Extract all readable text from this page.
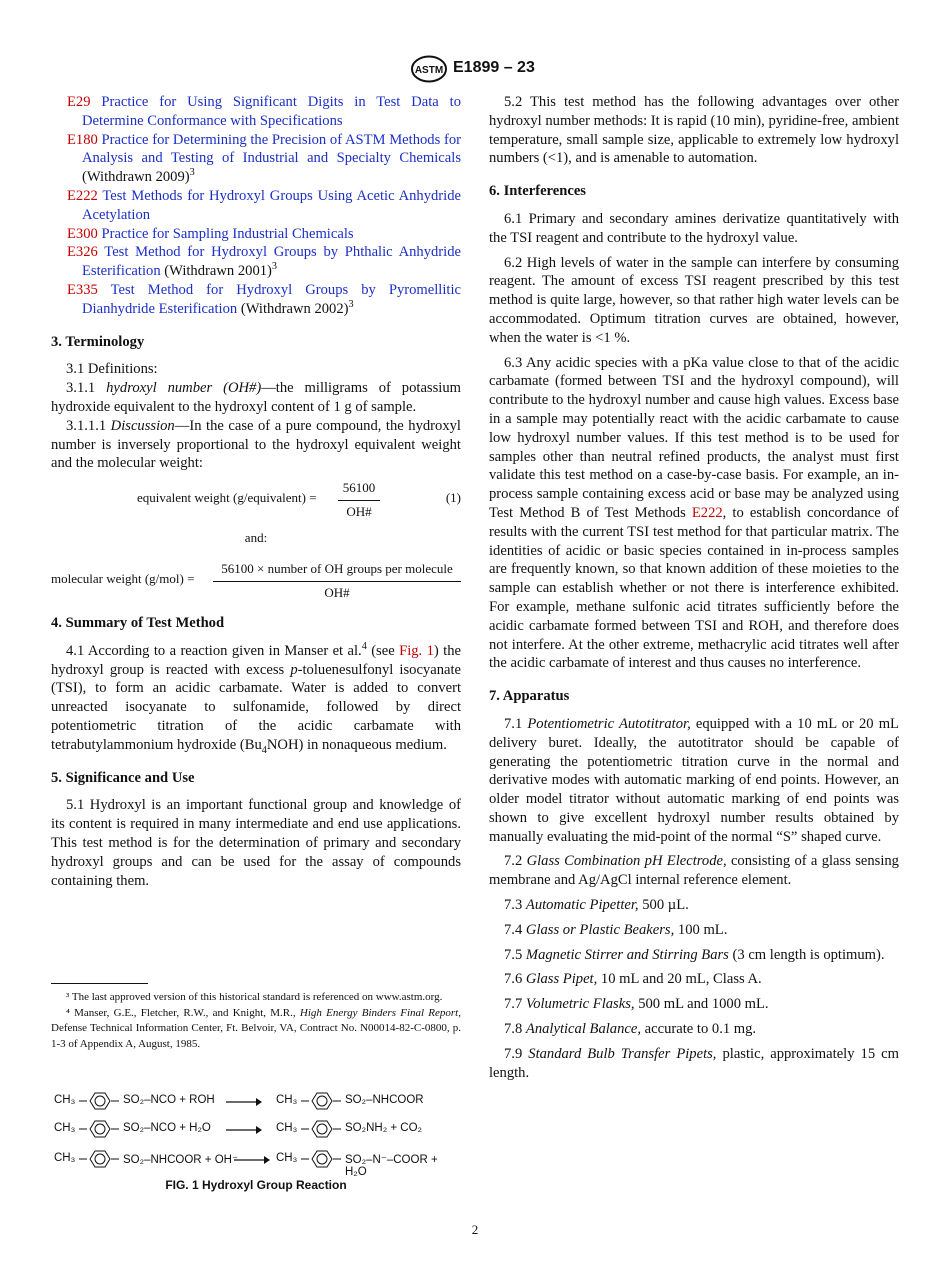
ASTM E1899 – 23

E29 Practice for Using Significant Digits in Test Data to Determine Conformance with Specifications

E180 Practice for Determining the Precision of ASTM Methods for Analysis and Testing of Industrial and Specialty Chemicals (Withdrawn 2009)$^3$

E222 Test Methods for Hydroxyl Groups Using Acetic Anhydride Acetylation

E300 Practice for Sampling Industrial Chemicals

E326 Test Method for Hydroxyl Groups by Phthalic Anhydride Esterification (Withdrawn 2001)$^3$

E335 Test Method for Hydroxyl Groups by Pyromellitic Dianhydride Esterification (Withdrawn 2002)$^3$

3. Terminology

3.1 Definitions:

3.1.1 hydroxyl number (OH#)—the milligrams of potassium hydroxide equivalent to the hydroxyl content of 1 g of sample.

3.1.1.1 Discussion—In the case of a pure compound, the hydroxyl number is inversely proportional to the hydroxyl equivalent weight and the molecular weight:

equivalent weight (g/equivalent) = $\frac{56100}{OH\#}$	(1)
and:
molecular weight (g/mol) =
56100 × number of OH groups per molecule
OH#
4. Summary of Test Method

4.1 According to a reaction given in Manser et al.$^4$ (see Fig. 1) the hydroxyl group is reacted with excess p-toluenesulfonyl isocyanate (TSI), to form an acidic carbamate. Water is added to convert unreacted isocyanate to sulfonamide, followed by direct potentiometric titration of the acidic carbamate with tetrabutylammonium hydroxide $(Bu_4NOH)$ in nonaqueous medium.

5. Significance and Use

5.1 Hydroxyl is an important functional group and knowledge of its content is required in many intermediate and end use applications. This test method is for the determination of primary and secondary hydroxyl groups and can be used for the assay of compounds containing them.

³ The last approved version of this historical standard is referenced on www.astm.org.

⁴ Manser, G.E., Fletcher, R.W., and Knight, M.R., High Energy Binders Final Report, Defense Technical Information Center, Ft. Belvoir, VA, Contract No. N00014-82-C-0800, p. 1-3 of Appendix A, August, 1985.

CH₃	SO₂–NCO + ROH	CH₃	SO₂–NHCOOR
CH₃	SO₂–NCO + H₂O	CH₃	SO₂NH₂ + CO₂
CH₃	SO₂–NHCOOR + OH⁻	CH₃	SO₂–N⁻–COOR + H₂O
FIG. 1 Hydroxyl Group Reaction

5.2 This test method has the following advantages over other hydroxyl number methods: It is rapid (10 min), pyridine-free, ambient temperature, small sample size, applicable to extremely low hydroxyl numbers (<1), and is amenable to automation.

6. Interferences

6.1 Primary and secondary amines derivatize quantitatively with the TSI reagent and contribute to the hydroxyl value.

6.2 High levels of water in the sample can interfere by consuming reagent. The amount of excess TSI reagent prescribed by this test method is quite large, however, so that rather high water levels can be accommodated. Optimum titration curves are obtained, however, when the water is <1 %.

6.3 Any acidic species with a pKa value close to that of the acidic carbamate (formed between TSI and the hydroxyl compound), will contribute to the hydroxyl number and cause high values. Excess base in a sample may potentially react with the acidic carbamate to cause low hydroxyl number values. If this test method is to be used for samples other than neutral refined products, the analyst must first validate this test method on a case-by-case basis. For example, an in-process sample containing excess acid or base may be analyzed using Test Method B of Test Methods E222, to establish concordance of results with the current TSI test method for that particular matrix. The identities of acidic or basic species contained in in-process samples are frequently known, so that known addition of these moieties to the sample can establish whether or not there is interference exhibited. For example, methane sulfonic acid titrates sufficiently before the acidic carbamate formed between TSI and ROH, and therefore does not interfere. At the other extreme, methacrylic acid titrates well after the acidic carbamate of interest and thus causes no interference.

7. Apparatus

7.1 Potentiometric Autotitrator, equipped with a 10 mL or 20 mL delivery buret. Ideally, the autotitrator should be capable of generating the potentiometric titration curve in the normal and derivative modes with automatic marking of end points. However, an older model titrator without automatic marking of end points was shown to give excellent hydroxyl number results obtained by manually evaluating the mid-point of the normal “S” shaped curve.

7.2 Glass Combination pH Electrode, consisting of a glass sensing membrane and Ag/AgCl internal reference element.

7.3 Automatic Pipetter, 500 µL.

7.4 Glass or Plastic Beakers, 100 mL.

7.5 Magnetic Stirrer and Stirring Bars (3 cm length is optimum).

7.6 Glass Pipet, 10 mL and 20 mL, Class A.

7.7 Volumetric Flasks, 500 mL and 1000 mL.

7.8 Analytical Balance, accurate to 0.1 mg.

7.9 Standard Bulb Transfer Pipets, plastic, approximately 15 cm length.

2
